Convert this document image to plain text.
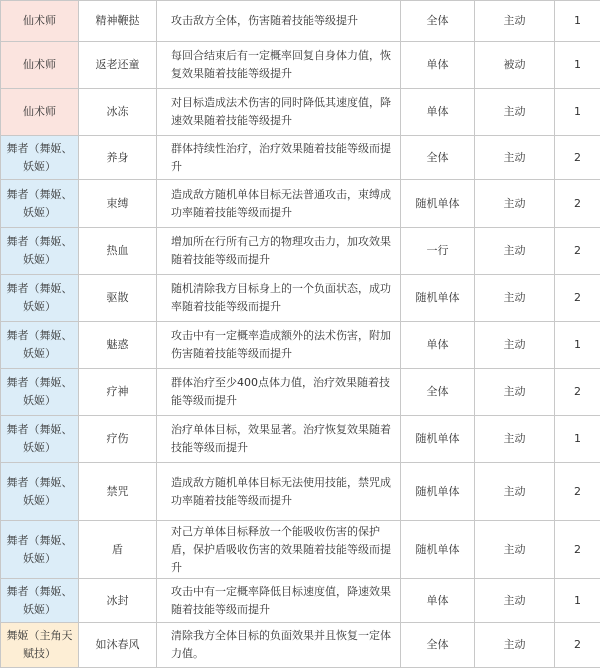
仙术师	精神鞭挞	攻击敌方全体，伤害随着技能等级提升	全体	主动	1
仙术师	返老还童	每回合结束后有一定概率回复自身体力值，恢复效果随着技能等级提升	单体	被动	1
仙术师	冰冻	对目标造成法术伤害的同时降低其速度值，降速效果随着技能等级提升	单体	主动	1
舞者（舞姬、妖姬）	养身	群体持续性治疗，治疗效果随着技能等级而提升	全体	主动	2
舞者（舞姬、妖姬）	束缚	造成敌方随机单体目标无法普通攻击，束缚成功率随着技能等级而提升	随机单体	主动	2
舞者（舞姬、妖姬）	热血	增加所在行所有己方的物理攻击力，加攻效果随着技能等级而提升	一行	主动	2
舞者（舞姬、妖姬）	驱散	随机清除我方目标身上的一个负面状态，成功率随着技能等级而提升	随机单体	主动	2
舞者（舞姬、妖姬）	魅惑	攻击中有一定概率造成额外的法术伤害，附加伤害随着技能等级而提升	单体	主动	1
舞者（舞姬、妖姬）	疗神	群体治疗至少400点体力值，治疗效果随着技能等级而提升	全体	主动	2
舞者（舞姬、妖姬）	疗伤	治疗单体目标，效果显著。治疗恢复效果随着技能等级而提升	随机单体	主动	1
舞者（舞姬、妖姬）	禁咒	造成敌方随机单体目标无法使用技能，禁咒成功率随着技能等级而提升	随机单体	主动	2
舞者（舞姬、妖姬）	盾	对己方单体目标释放一个能吸收伤害的保护盾，保护盾吸收伤害的效果随着技能等级而提升	随机单体	主动	2
舞者（舞姬、妖姬）	冰封	攻击中有一定概率降低目标速度值，降速效果随着技能等级而提升	单体	主动	1
舞姬（主角天赋技）	如沐春风	清除我方全体目标的负面效果并且恢复一定体力值。	全体	主动	2
